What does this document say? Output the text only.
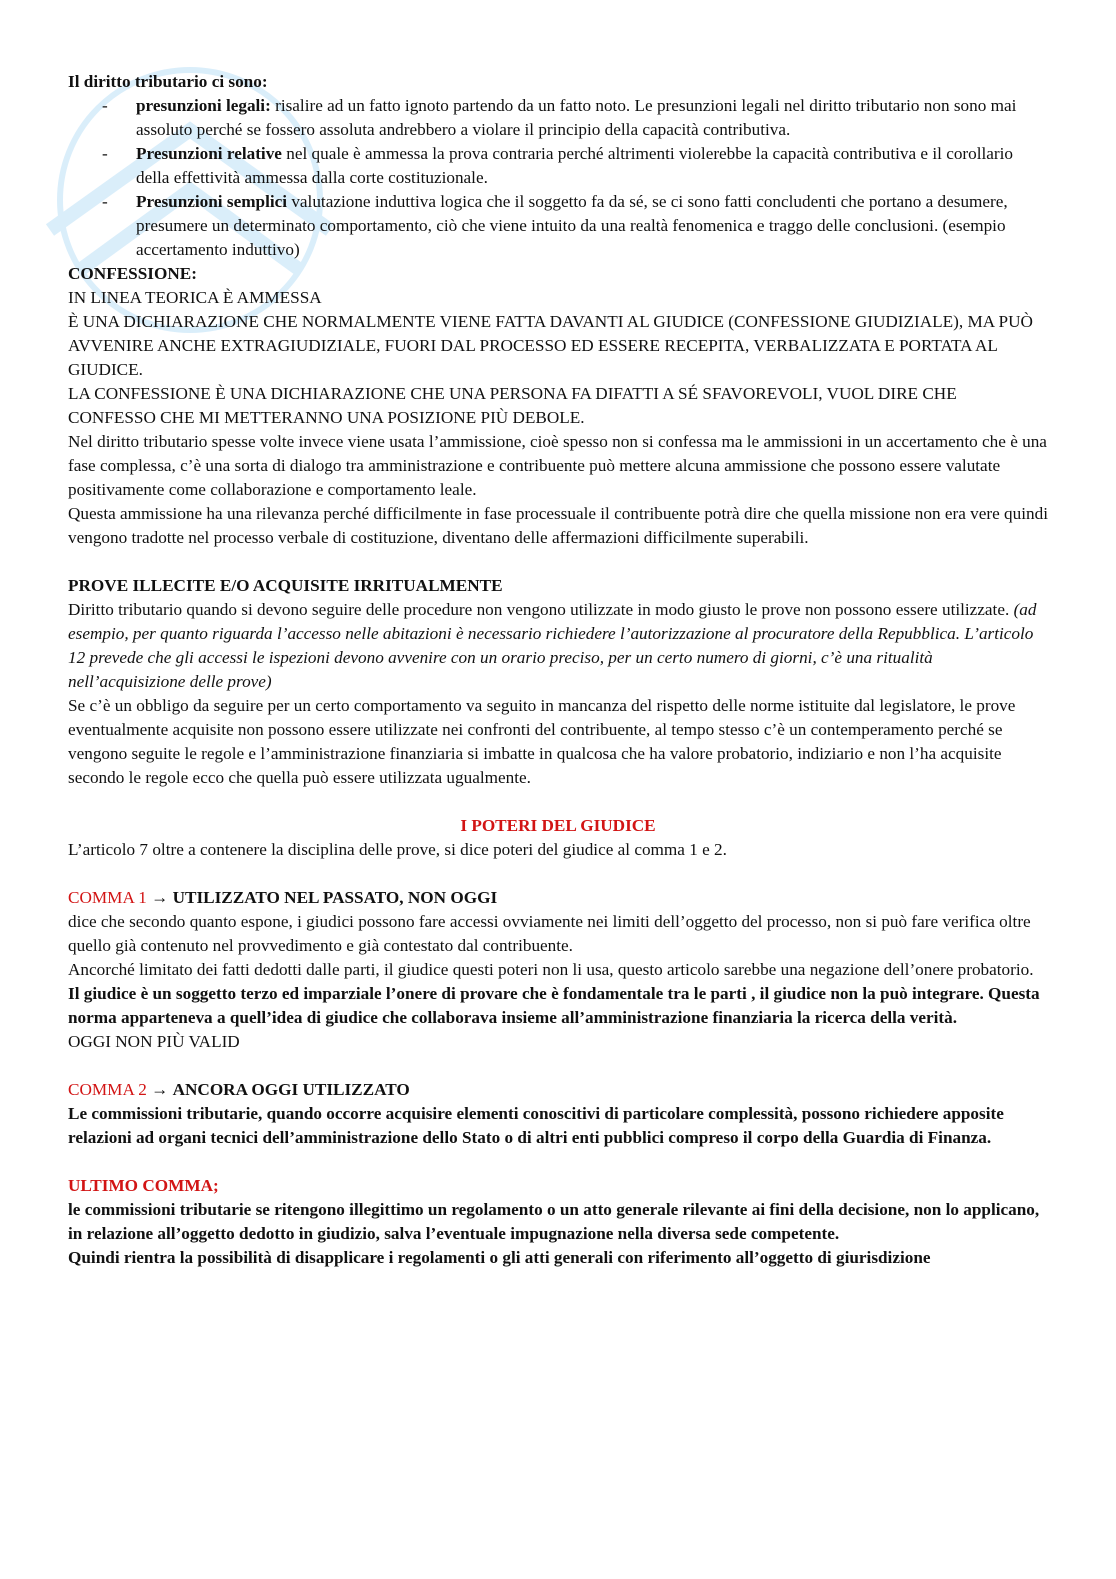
Il diritto tributario ci sono:

- presunzioni legali: risalire ad un fatto ignoto partendo da un fatto noto. Le presunzioni legali nel diritto tributario non sono mai assoluto perché se fossero assoluta andrebbero a violare il principio della capacità contributiva.
- Presunzioni relative nel quale è ammessa la prova contraria perché altrimenti violerebbe la capacità contributiva e il corollario della effettività ammessa dalla corte costituzionale.
- Presunzioni semplici valutazione induttiva logica che il soggetto fa da sé, se ci sono fatti concludenti che portano a desumere, presumere un determinato comportamento, ciò che viene intuito da una realtà fenomenica e traggo delle conclusioni. (esempio accertamento induttivo)

CONFESSIONE:

IN LINEA TEORICA È AMMESSA

È UNA DICHIARAZIONE CHE NORMALMENTE VIENE FATTA DAVANTI AL GIUDICE (CONFESSIONE GIUDIZIALE), MA PUÒ AVVENIRE ANCHE EXTRAGIUDIZIALE, FUORI DAL PROCESSO ED ESSERE RECEPITA, VERBALIZZATA E PORTATA AL GIUDICE.

LA CONFESSIONE È UNA DICHIARAZIONE CHE UNA PERSONA FA DIFATTI A SÉ SFAVOREVOLI, VUOL DIRE CHE CONFESSO CHE MI METTERANNO UNA POSIZIONE PIÙ DEBOLE.

Nel diritto tributario spesse volte invece viene usata l’ammissione, cioè spesso non si confessa ma le ammissioni in un accertamento che è una fase complessa, c’è una sorta di dialogo tra amministrazione e contribuente può mettere alcuna ammissione che possono essere valutate positivamente come collaborazione e comportamento leale.

Questa ammissione ha una rilevanza perché difficilmente in fase processuale il contribuente potrà dire che quella missione non era vere quindi vengono tradotte nel processo verbale di costituzione, diventano delle affermazioni difficilmente superabili.

PROVE ILLECITE E/O ACQUISITE IRRITUALMENTE

Diritto tributario quando si devono seguire delle procedure non vengono utilizzate in modo giusto le prove non possono essere utilizzate. (ad esempio, per quanto riguarda l’accesso nelle abitazioni è necessario richiedere l’autorizzazione al procuratore della Repubblica. L’articolo 12 prevede che gli accessi le ispezioni devono avvenire con un orario preciso, per un certo numero di giorni, c’è una ritualità nell’acquisizione delle prove)

Se c’è un obbligo da seguire per un certo comportamento va seguito in mancanza del rispetto delle norme istituite dal legislatore, le prove eventualmente acquisite non possono essere utilizzate nei confronti del contribuente, al tempo stesso c’è un contemperamento perché se vengono seguite le regole e l’amministrazione finanziaria si imbatte in qualcosa che ha valore probatorio, indiziario e non l’ha acquisite secondo le regole ecco che quella può essere utilizzata ugualmente.

I POTERI DEL GIUDICE

L’articolo 7 oltre a contenere la disciplina delle prove, si dice poteri del giudice al comma 1 e 2.

COMMA 1 → UTILIZZATO NEL PASSATO, NON OGGI

dice che secondo quanto espone, i giudici possono fare accessi ovviamente nei limiti dell’oggetto del processo, non si può fare verifica oltre quello già contenuto nel provvedimento e già contestato dal contribuente.

Ancorché limitato dei fatti dedotti dalle parti, il giudice questi poteri non li usa, questo articolo sarebbe una negazione dell’onere probatorio.

Il giudice è un soggetto terzo ed imparziale l’onere di provare che è fondamentale tra le parti , il giudice non la può integrare. Questa norma apparteneva a quell’idea di giudice che collaborava insieme all’amministrazione finanziaria la ricerca della verità.

OGGI NON PIÙ VALID

COMMA 2 → ANCORA OGGI UTILIZZATO

Le commissioni tributarie, quando occorre acquisire elementi conoscitivi di particolare complessità, possono richiedere apposite relazioni ad organi tecnici dell’amministrazione dello Stato o di altri enti pubblici compreso il corpo della Guardia di Finanza.

ULTIMO COMMA;

le commissioni tributarie se ritengono illegittimo un regolamento o un atto generale rilevante ai fini della decisione, non lo applicano, in relazione all’oggetto dedotto in giudizio, salva l’eventuale impugnazione nella diversa sede competente.

Quindi rientra la possibilità di disapplicare i regolamenti o gli atti generali con riferimento all’oggetto di giurisdizione
